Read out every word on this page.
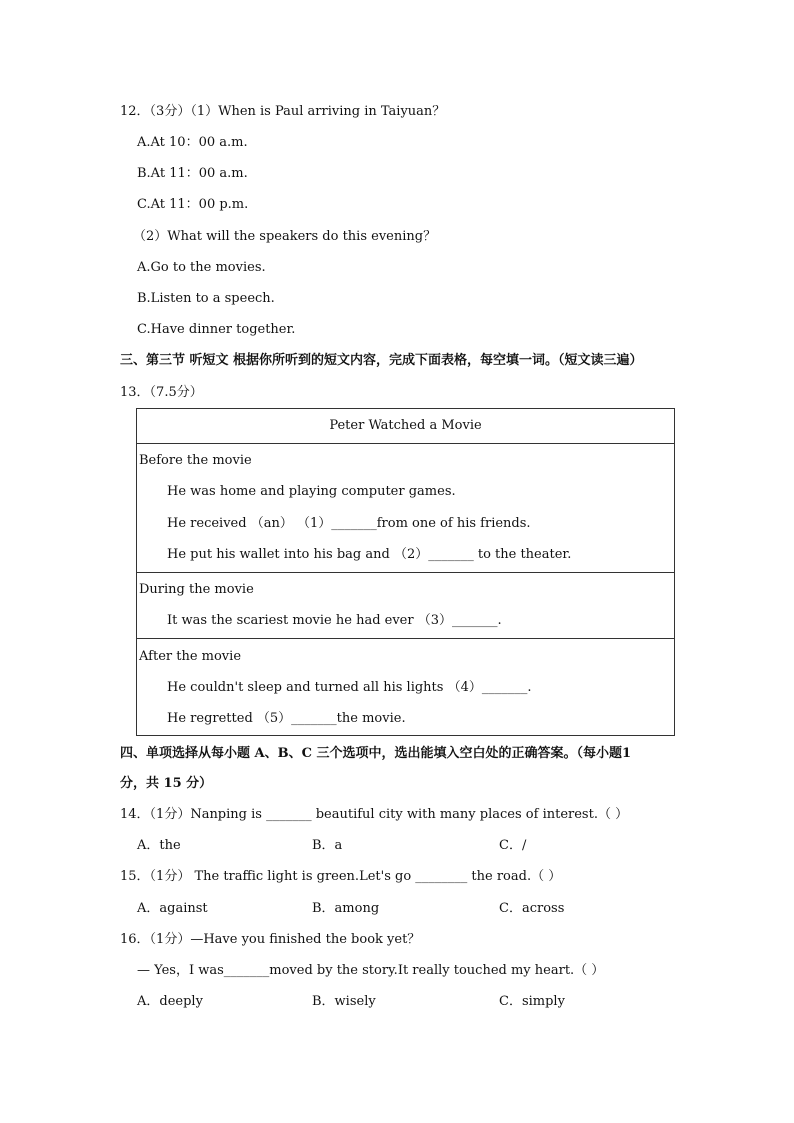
12．（3分）（1）When is Paul arriving in Taiyuan？
A.At 10：00 a.m.
B.At 11：00 a.m.
C.At 11：00 p.m.
（2）What will the speakers do this evening？
A.Go to the movies.
B.Listen to a speech.
C.Have dinner together.
三、第三节 听短文 根据你所听到的短文内容，完成下面表格，每空填一词。（短文读三遍）
13．（7.5分）
Peter Watched a Movie
Before the movie
He was home and playing computer games.
He received （an） （1）_______from one of his friends.
He put his wallet into his bag and （2）_______ to the theater.
During the movie
It was the scariest movie he had ever （3）_______.
After the movie
He couldn't sleep and turned all his lights （4）_______.
He regretted （5）_______the movie.
四、单项选择从每小题 A、B、C 三个选项中，选出能填入空白处的正确答案。（每小题1
分，共 15 分）
14．（1分）Nanping is _______ beautiful city with many places of interest.（ ）
A．the	B．a	C．/
15．（1分） The traffic light is green.Let's go ________ the road.（ ）
A．against	B．among	C．across
16．（1分）—Have you finished the book yet？
— Yes，I was_______moved by the story.It really touched my heart.（ ）
A．deeply	B．wisely	C．simply
